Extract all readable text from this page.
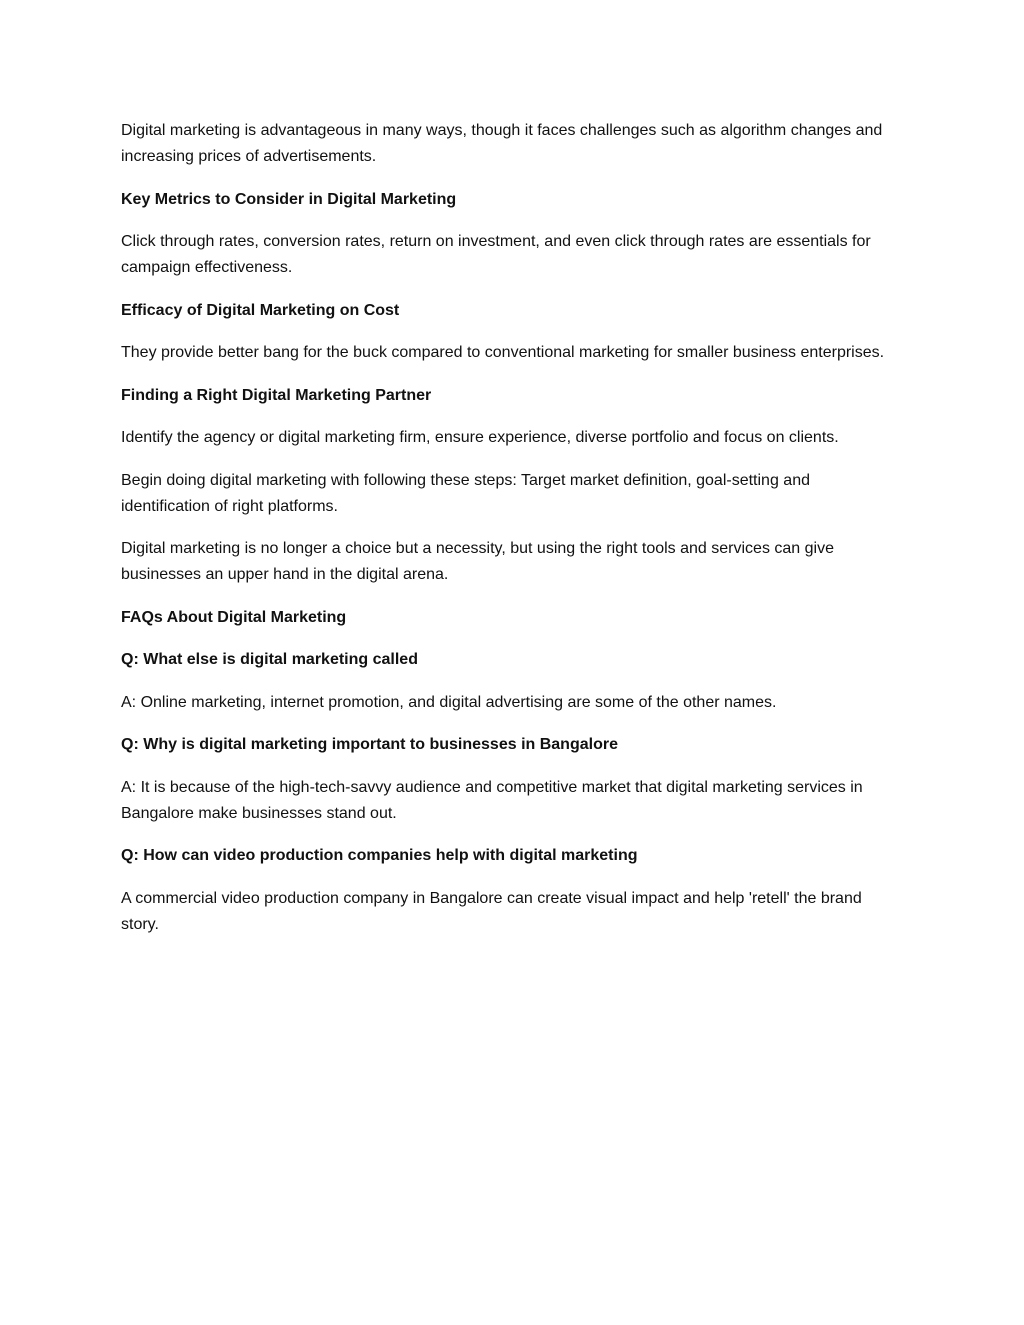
Digital marketing is advantageous in many ways, though it faces challenges such as algorithm changes and increasing prices of advertisements.

Key Metrics to Consider in Digital Marketing

Click through rates, conversion rates, return on investment, and even click through rates are essentials for campaign effectiveness.

Efficacy of Digital Marketing on Cost

They provide better bang for the buck compared to conventional marketing for smaller business enterprises.

Finding a Right Digital Marketing Partner

Identify the agency or digital marketing firm, ensure experience, diverse portfolio and focus on clients.

Begin doing digital marketing with following these steps: Target market definition, goal-setting and identification of right platforms.

Digital marketing is no longer a choice but a necessity, but using the right tools and services can give businesses an upper hand in the digital arena.

FAQs About Digital Marketing

Q: What else is digital marketing called

A: Online marketing, internet promotion, and digital advertising are some of the other names.

Q: Why is digital marketing important to businesses in Bangalore

A: It is because of the high-tech-savvy audience and competitive market that digital marketing services in Bangalore make businesses stand out.

Q: How can video production companies help with digital marketing

A commercial video production company in Bangalore can create visual impact and help 'retell' the brand story.
